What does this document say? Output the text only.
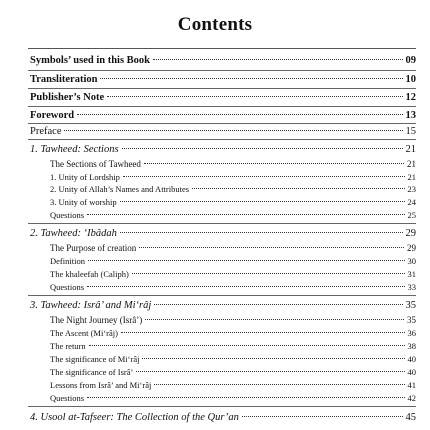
Contents
Symbols’ used in this Book	09
Transliteration	10
Publisher’s Note	12
Foreword	13
Preface	15
1. Tawheed: Sections	21
The Sections of Tawheed	21
1. Unity of Lordship	21
2. Unity of Allah’s Names and Attributes	23
3. Unity of worship	24
Questions	25
2. Tawheed: ‘Ibâdah	29
The Purpose of creation	29
Definition	30
The khaleefah (Caliph)	31
Questions	33
3. Tawheed: Isrâ’ and Mi‘râj	35
The Night Journey (Isrâ’)	35
The Ascent (Mi‘râj)	36
The return	38
The significance of Mi‘râj	40
The significance of Isrâ’	40
Lessons from Isrâ’ and Mi‘râj	41
Questions	42
4. Usool at-Tafseer: The Collection of the Qur’an	45
